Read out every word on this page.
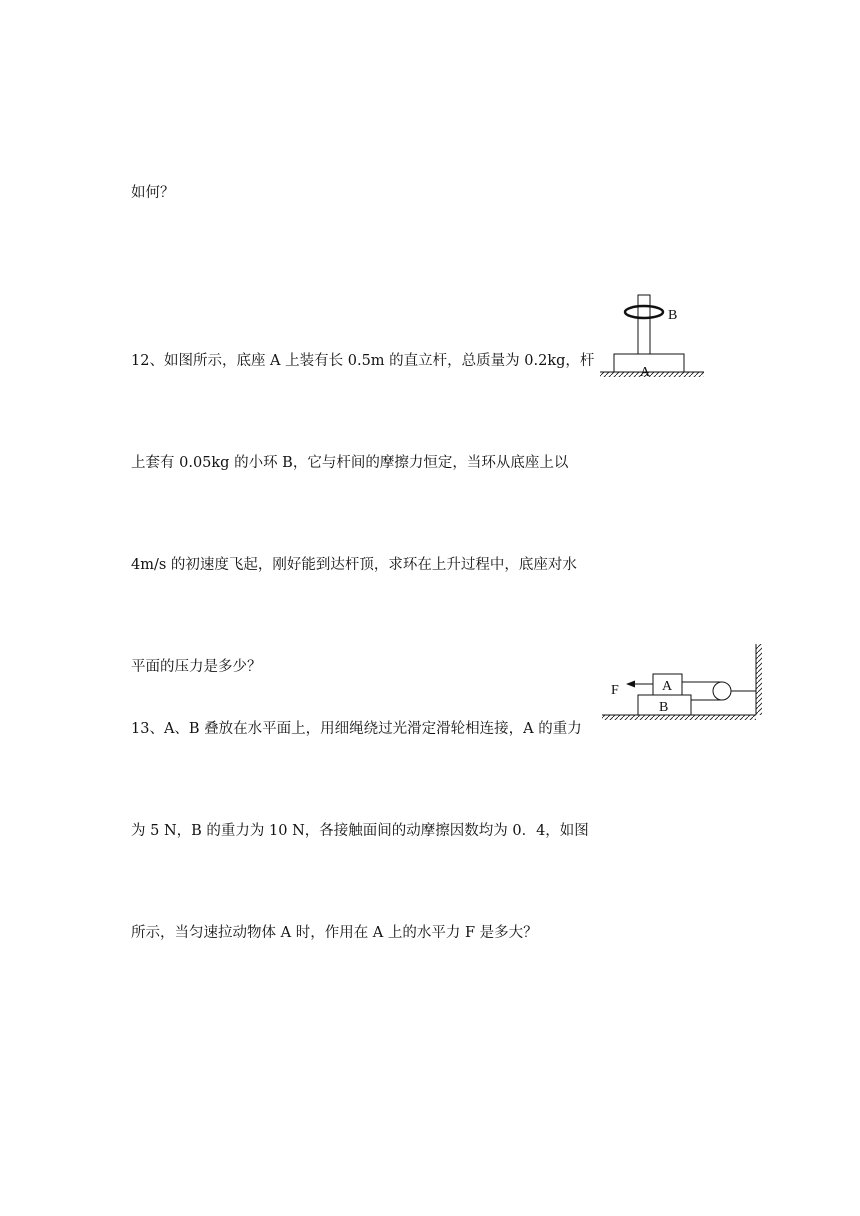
如何？

12、如图所示，底座 A 上装有长 0.5m 的直立杆，总质量为 0.2kg，杆

上套有 0.05kg 的小环 B，它与杆间的摩擦力恒定，当环从底座上以

4m/s 的初速度飞起，刚好能到达杆顶，求环在上升过程中，底座对水

平面的压力是多少？

B
A

13、A、B 叠放在水平面上，用细绳绕过光滑定滑轮相连接，A 的重力

为 5 N，B 的重力为 10 N，各接触面间的动摩擦因数均为 0．4，如图

所示，当匀速拉动物体 A 时，作用在 A 上的水平力 F 是多大？

F	A
B
